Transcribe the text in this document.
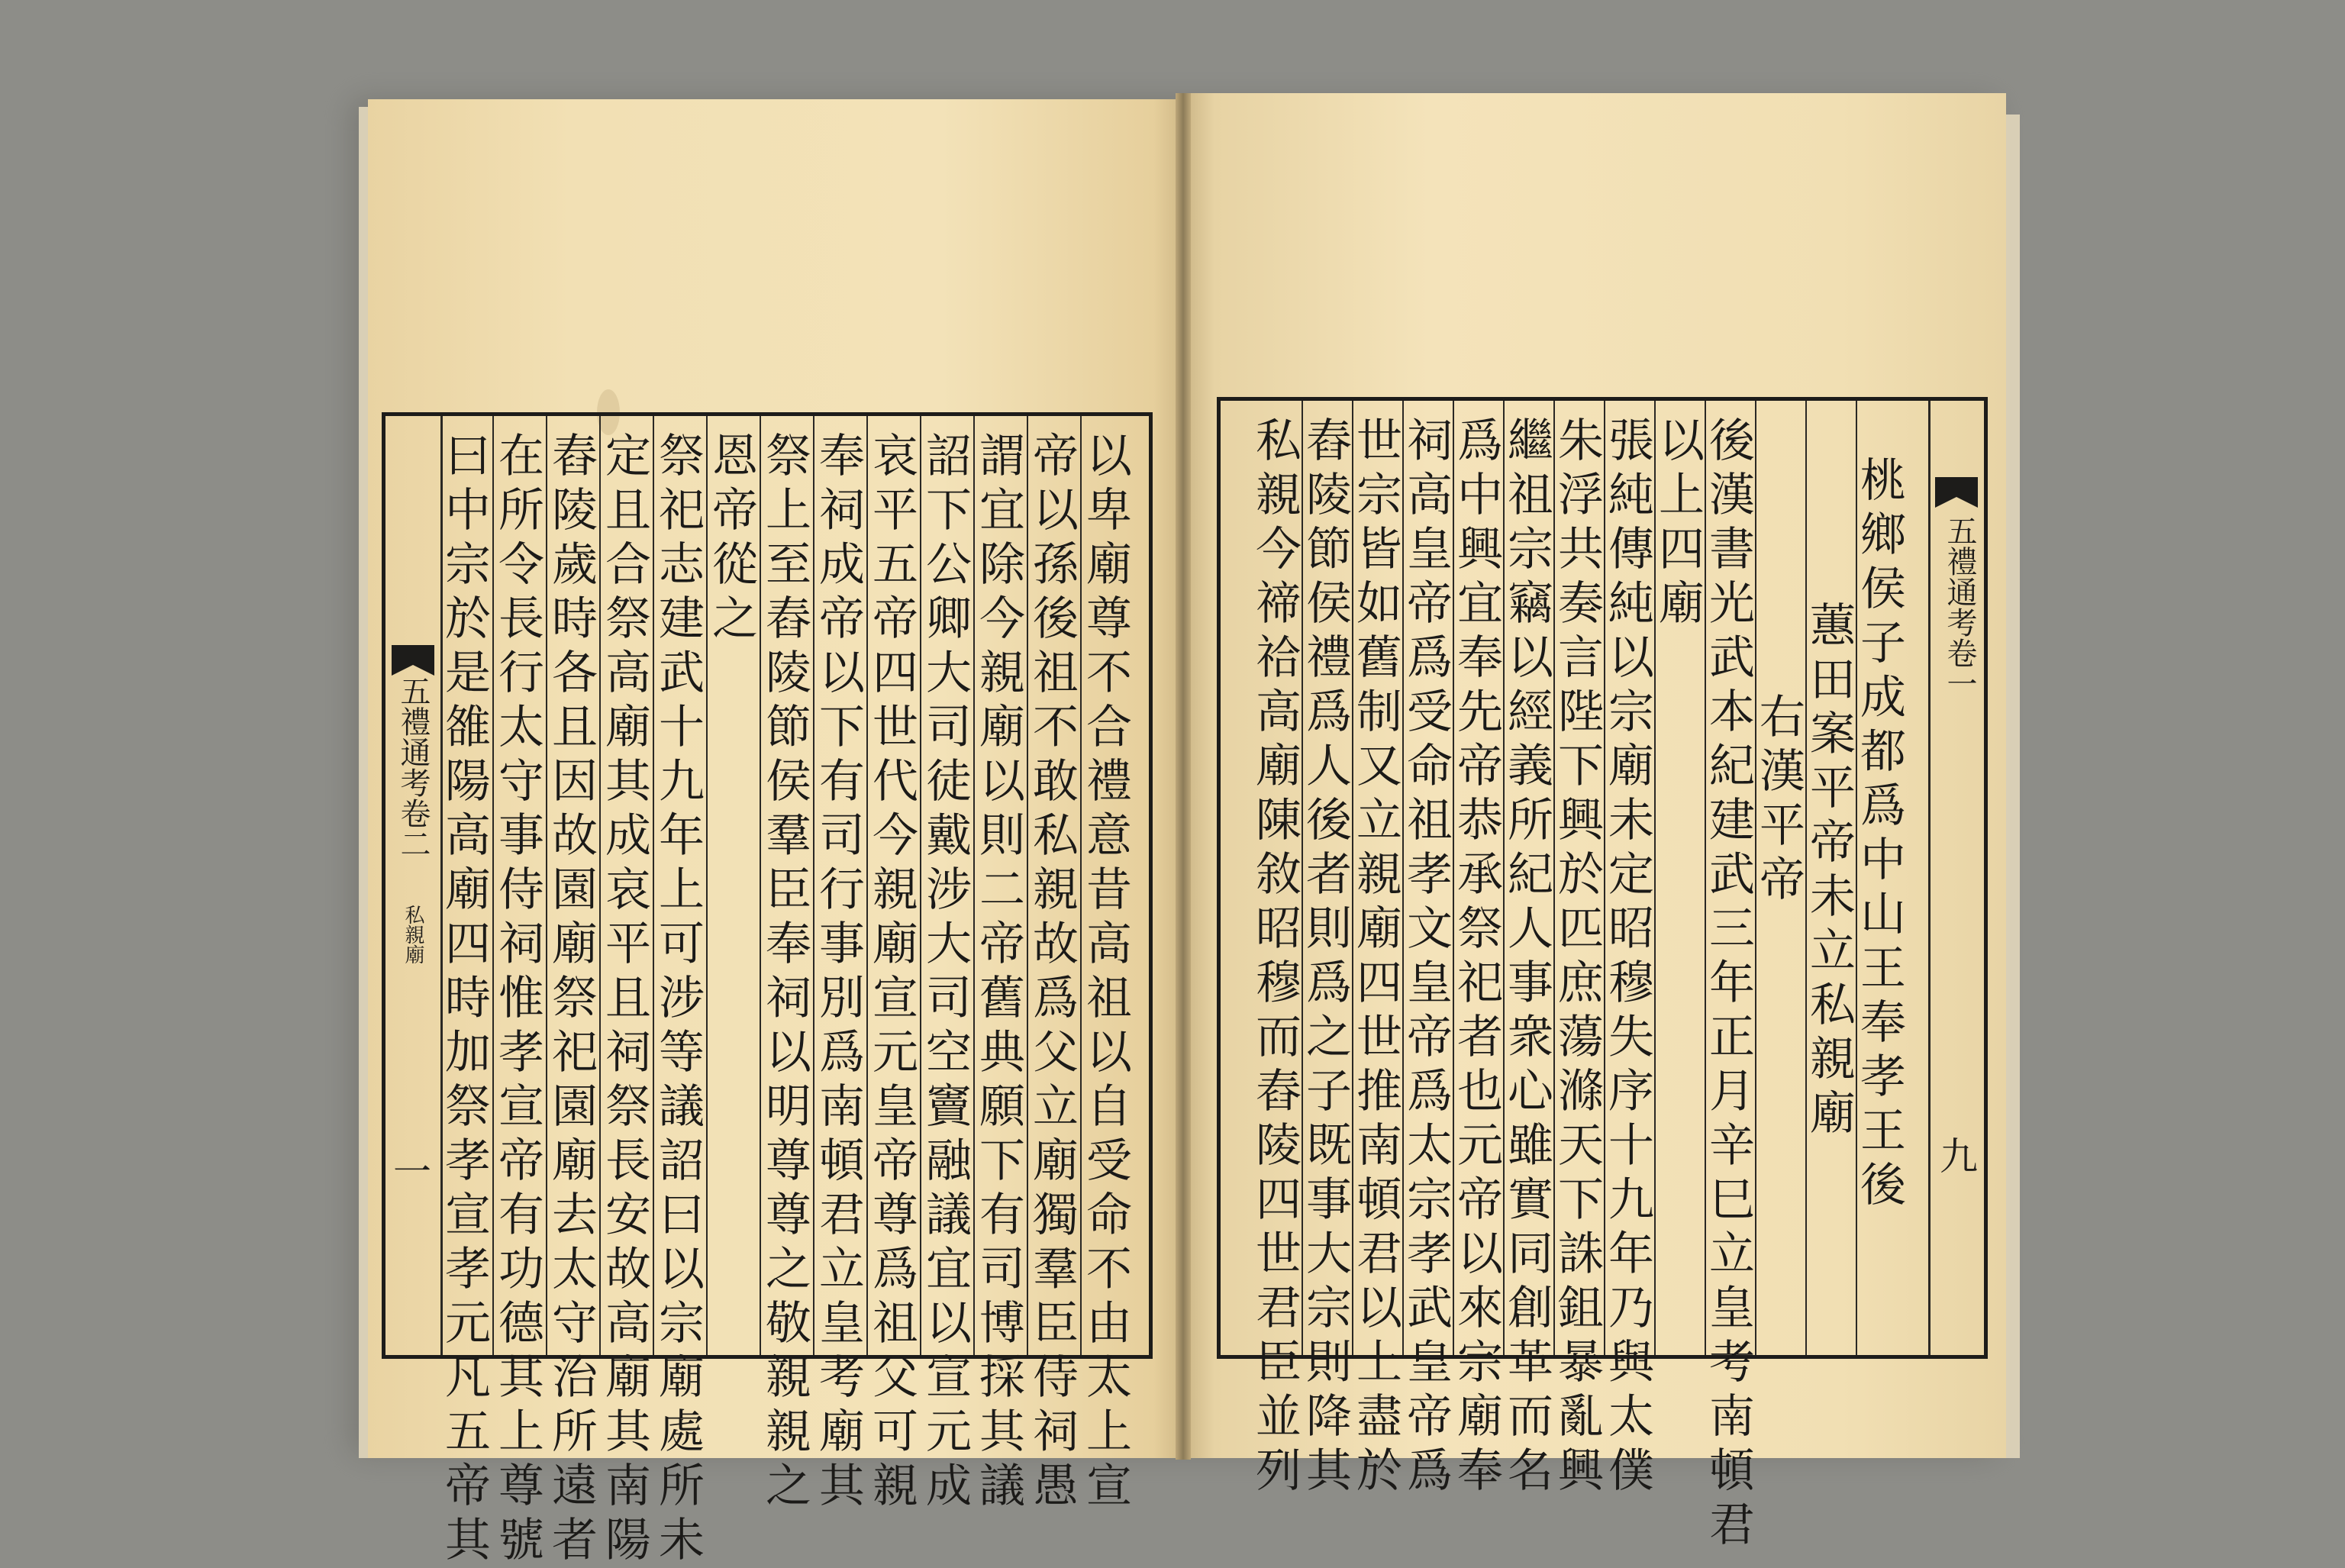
五禮通考卷二
私親廟
一
以
卑
廟
尊
不
合
禮
意
昔
高
祖
以
自
受
命
不
由
太
上
宣
帝
以
孫
後
祖
不
敢
私
親
故
爲
父
立
廟
獨
羣
臣
侍
祠
愚
謂
宜
除
今
親
廟
以
則
二
帝
舊
典
願
下
有
司
博
採
其
議
詔
下
公
卿
大
司
徒
戴
涉
大
司
空
竇
融
議
宜
以
宣
元
成
哀
平
五
帝
四
世
代
今
親
廟
宣
元
皇
帝
尊
爲
祖
父
可
親
奉
祠
成
帝
以
下
有
司
行
事
別
爲
南
頓
君
立
皇
考
廟
其
祭
上
至
舂
陵
節
侯
羣
臣
奉
祠
以
明
尊
尊
之
敬
親
親
之
恩
帝
從
之
祭
祀
志
建
武
十
九
年
上
可
涉
等
議
詔
曰
以
宗
廟
處
所
未
定
且
合
祭
高
廟
其
成
哀
平
且
祠
祭
長
安
故
高
廟
其
南
陽
舂
陵
歲
時
各
且
因
故
園
廟
祭
祀
園
廟
去
太
守
治
所
遠
者
在
所
令
長
行
太
守
事
侍
祠
惟
孝
宣
帝
有
功
德
其
上
尊
號
曰
中
宗
於
是
雒
陽
高
廟
四
時
加
祭
孝
宣
孝
元
凡
五
帝
其
五禮通考卷一
九
桃
鄉
侯
子
成
都
爲
中
山
王
奉
孝
王
後
蕙
田
案
平
帝
未
立
私
親
廟
右
漢
平
帝
後
漢
書
光
武
本
紀
建
武
三
年
正
月
辛
巳
立
皇
考
南
頓
君
以
上
四
廟
張
純
傳
純
以
宗
廟
未
定
昭
穆
失
序
十
九
年
乃
與
太
僕
朱
浮
共
奏
言
陛
下
興
於
匹
庶
蕩
滌
天
下
誅
鉏
暴
亂
興
繼
祖
宗
竊
以
經
義
所
紀
人
事
衆
心
雖
實
同
創
革
而
名
爲
中
興
宜
奉
先
帝
恭
承
祭
祀
者
也
元
帝
以
來
宗
廟
奉
祠
高
皇
帝
爲
受
命
祖
孝
文
皇
帝
爲
太
宗
孝
武
皇
帝
爲
世
宗
皆
如
舊
制
又
立
親
廟
四
世
推
南
頓
君
以
上
盡
於
舂
陵
節
侯
禮
爲
人
後
者
則
爲
之
子
既
事
大
宗
則
降
其
私
親
今
禘
祫
高
廟
陳
敘
昭
穆
而
舂
陵
四
世
君
臣
並
列
